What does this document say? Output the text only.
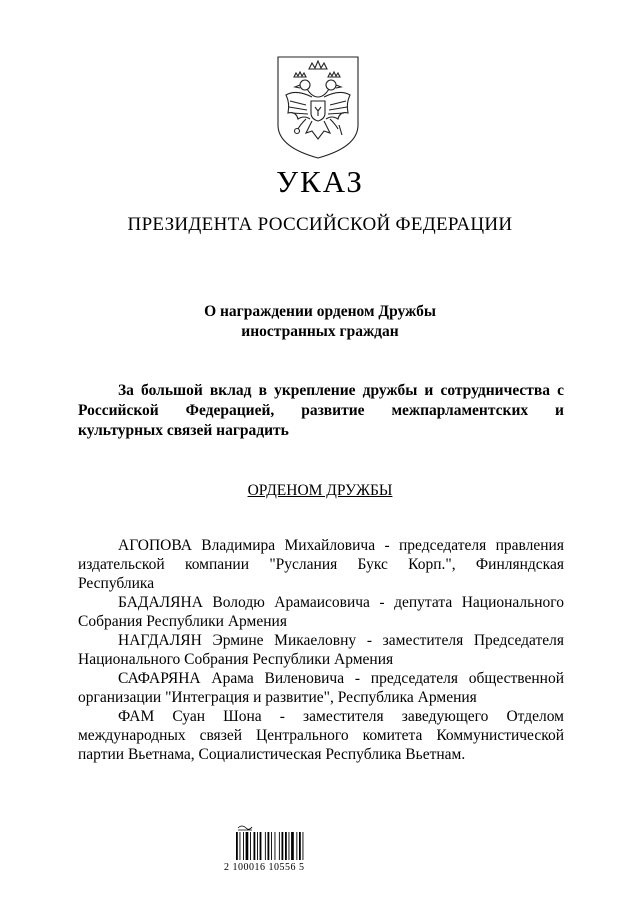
УКАЗ
ПРЕЗИДЕНТА РОССИЙСКОЙ ФЕДЕРАЦИИ
О награждении орденом Дружбы
иностранных граждан
За большой вклад в укрепление дружбы и сотрудничества с
Российской Федерацией, развитие межпарламентских и
культурных связей наградить
ОРДЕНОМ ДРУЖБЫ
АГОПОВА Владимира Михайловича - председателя правления
издательской компании "Руслания Букс Корп.", Финляндская
Республика
БАДАЛЯНА Володю Арамаисовича - депутата Национального
Собрания Республики Армения
НАГДАЛЯН Эрмине Микаеловну - заместителя Председателя
Национального Собрания Республики Армения
САФАРЯНА Арама Виленовича - председателя общественной
организации "Интеграция и развитие", Республика Армения
ФАМ Суан Шона - заместителя заведующего Отделом
международных связей Центрального комитета Коммунистической
партии Вьетнама, Социалистическая Республика Вьетнам.
2 100016 10556 5
